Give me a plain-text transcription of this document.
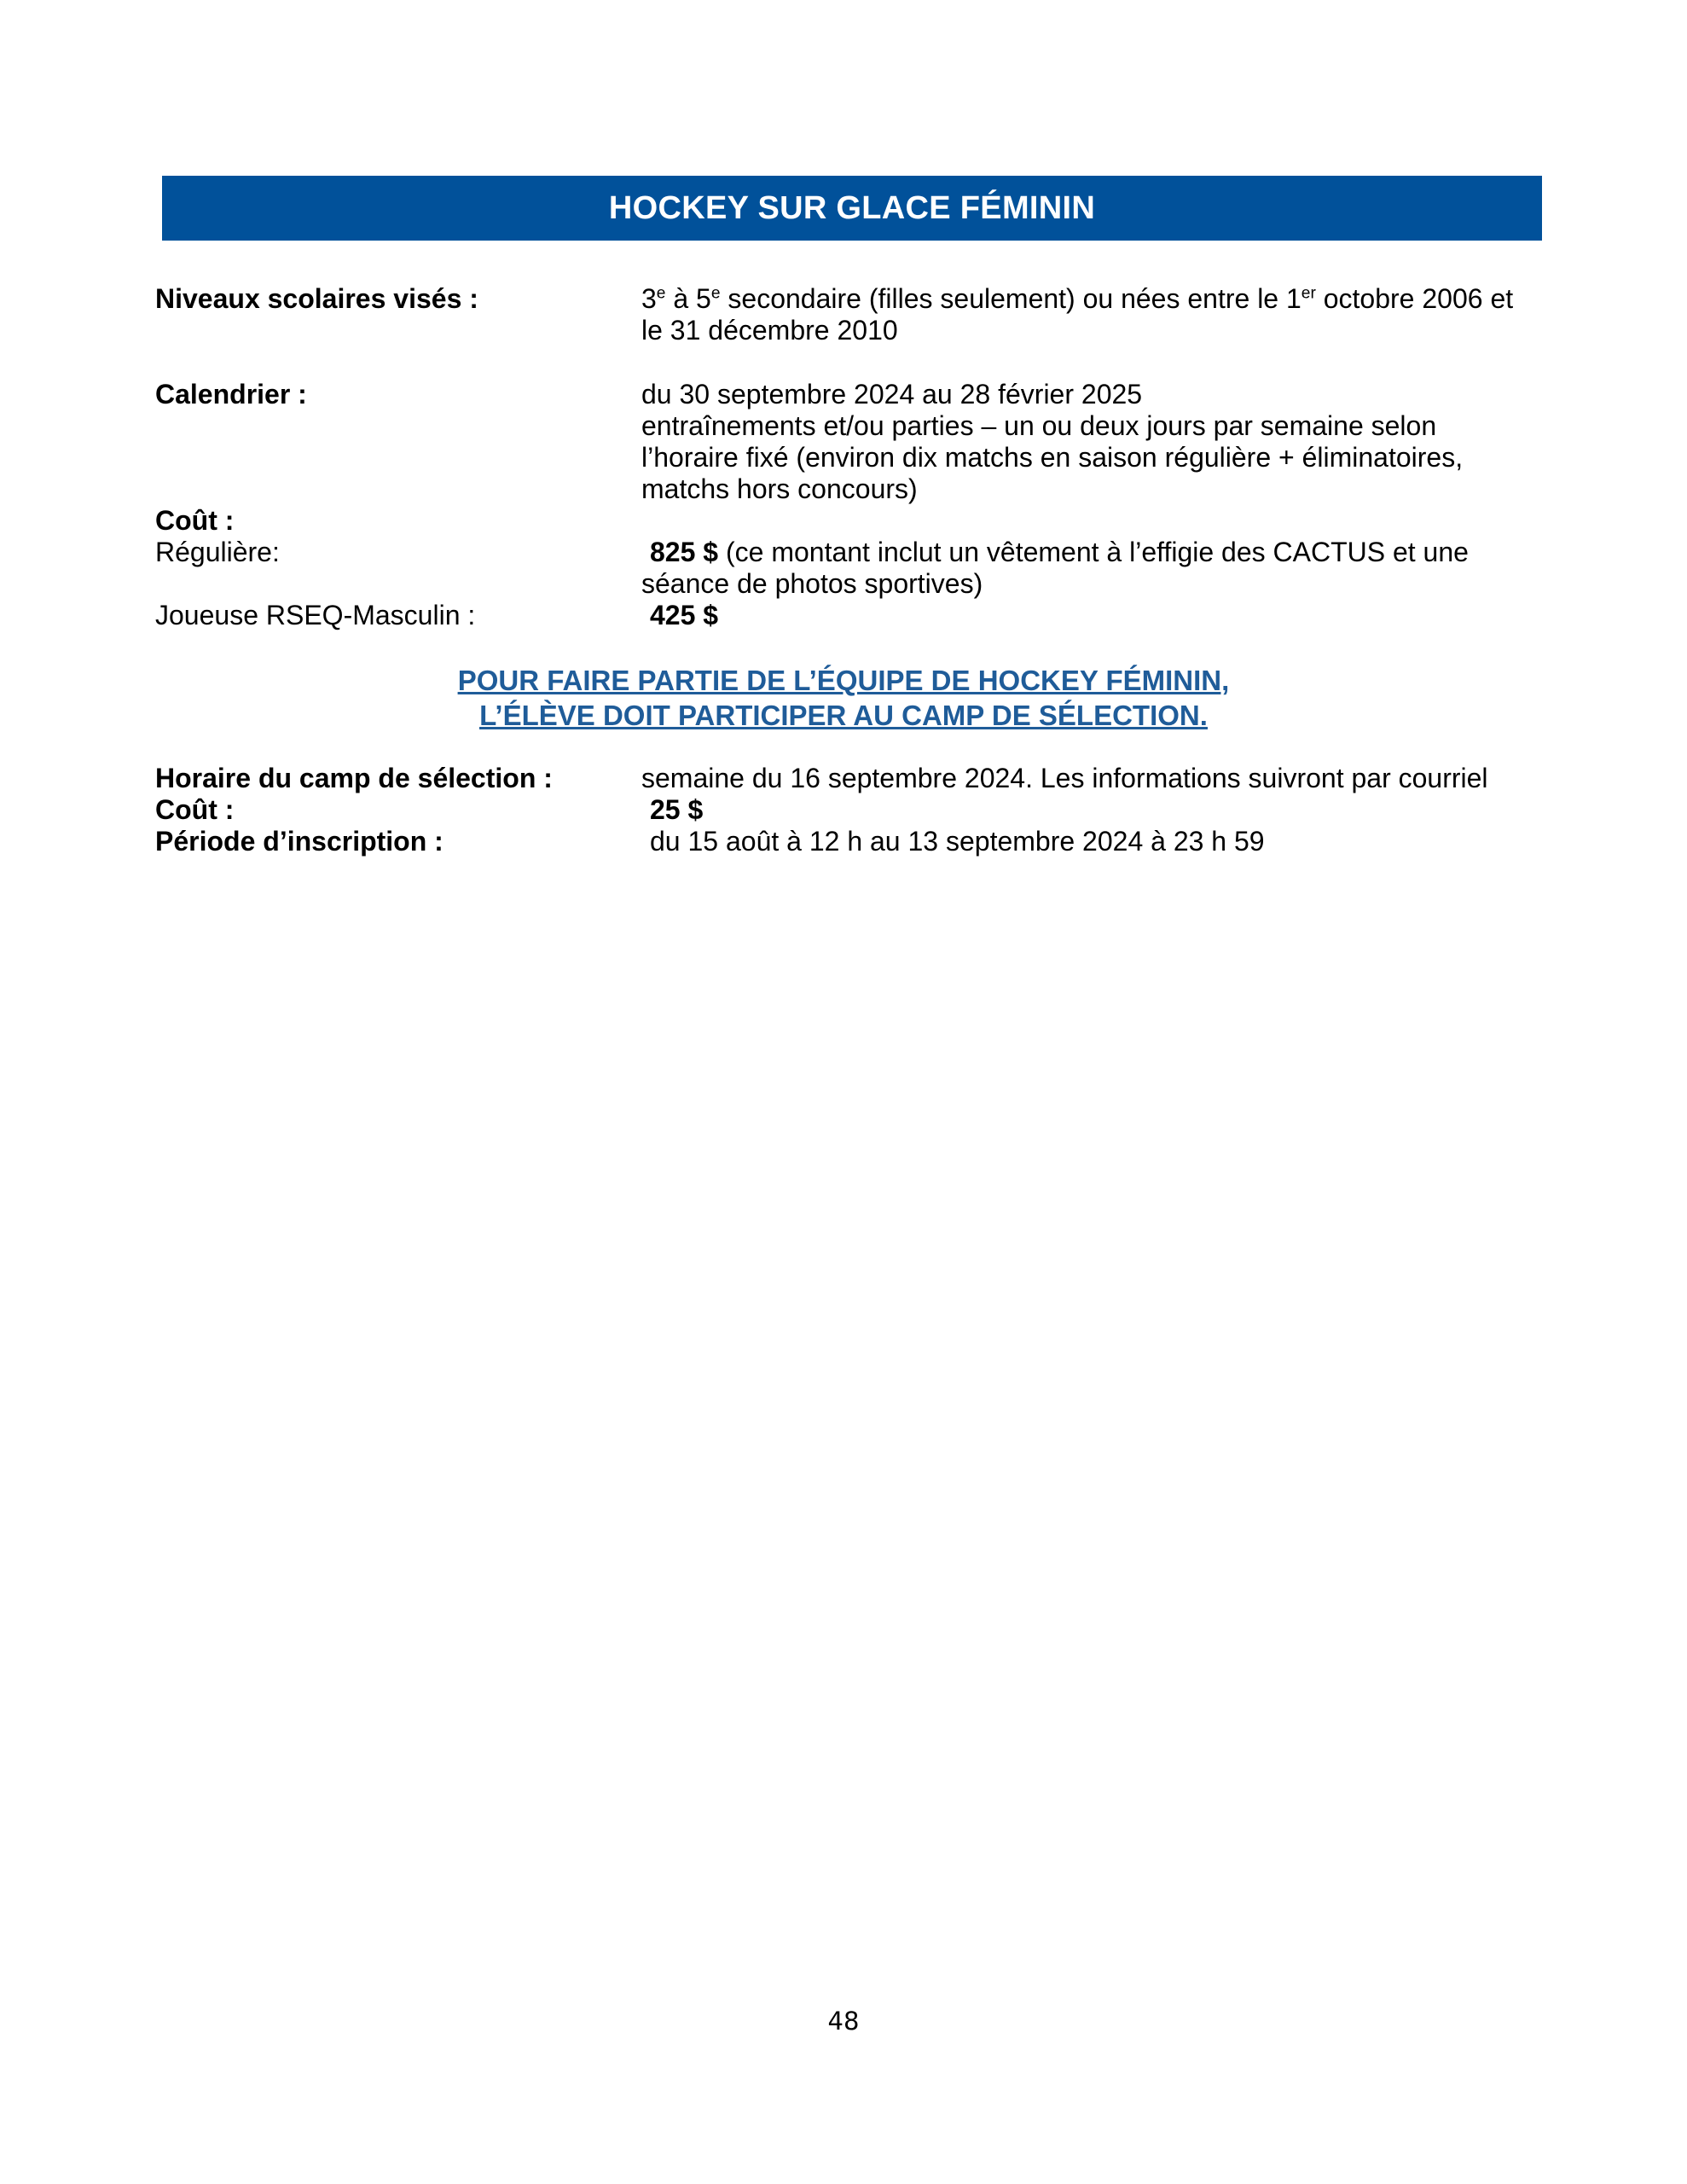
HOCKEY SUR GLACE FÉMININ
Niveaux scolaires visés :	3e à 5e secondaire (filles seulement) ou nées entre le 1er octobre 2006 et

le 31 décembre 2010

Calendrier :	du 30 septembre 2024 au 28 février 2025

entraînements et/ou parties – un ou deux jours par semaine selon

l’horaire fixé (environ dix matchs en saison régulière + éliminatoires,

matchs hors concours)

Coût :
Régulière:	825 $ (ce montant inclut un vêtement à l’effigie des CACTUS et une

séance de photos sportives)

Joueuse RSEQ-Masculin :	425 $
POUR FAIRE PARTIE DE L’ÉQUIPE DE HOCKEY FÉMININ,
L’ÉLÈVE DOIT PARTICIPER AU CAMP DE SÉLECTION.
Horaire du camp de sélection :	semaine du 16 septembre 2024. Les informations suivront par courriel
Coût :	25 $
Période d’inscription :	du 15 août à 12 h au 13 septembre 2024 à 23 h 59
48
